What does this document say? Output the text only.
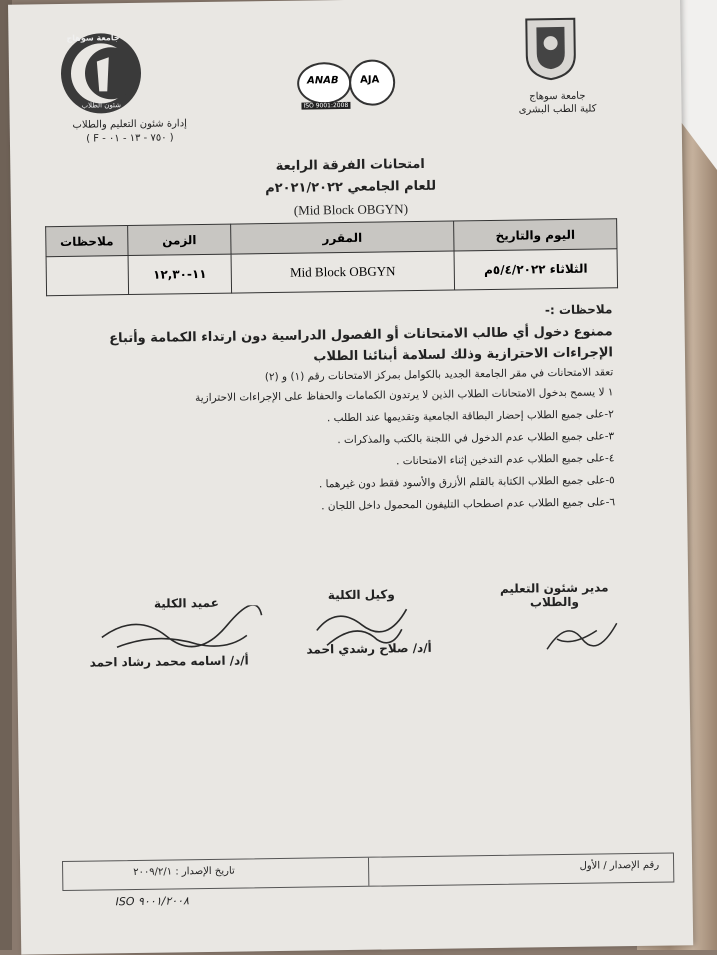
جامعة سوهاج
شئون الطلاب
إدارة شئون التعليم والطلاب
( F - ٧٥٠ - ١٣ - ٠١ )
ANAB AJA
ISO 9001:2008
جامعة سوهاج
كلية الطب البشرى
امتحانات الفرقة الرابعة
للعام الجامعي ٢٠٢١/٢٠٢٢م
(Mid Block OBGYN)
اليوم والتاريخ	المقرر	الزمن	ملاحظات
الثلاثاء ٥/٤/٢٠٢٢م	Mid Block OBGYN	١١-١٢,٣٠	

ملاحظات :-

ممنوع دخول أي طالب الامتحانات أو الفصول الدراسية دون ارتداء الكمامة وأتباع

الإجراءات الاحترازية وذلك لسلامة أبنائنا الطلاب

تعقد الامتحانات في مقر الجامعة الجديد بالكوامل بمركز الامتحانات رقم (١) و (٢)

١ لا يسمح بدخول الامتحانات الطلاب الذين لا يرتدون الكمامات والحفاظ على الإجراءات الاحترازية

٢-على جميع الطلاب إحضار البطاقة الجامعية وتقديمها عند الطلب .

٣-على جميع الطلاب عدم الدخول في اللجنة بالكتب والمذكرات .

٤-على جميع الطلاب عدم التدخين إثناء الامتحانات .

٥-على جميع الطلاب الكتابة بالقلم الأزرق والأسود فقط دون غيرهما .

٦-على جميع الطلاب عدم اصطحاب التليفون المحمول داخل اللجان .

مدير شئون التعليم والطلاب
وكيل الكلية
عميد الكلية
أ/د/ صلاح رشدي احمد
أ/د/ اسامه محمد رشاد احمد
رقم الإصدار / الأول
تاريخ الإصدار : ٢٠٠٩/٢/١
ISO ٩٠٠١/٢٠٠٨
